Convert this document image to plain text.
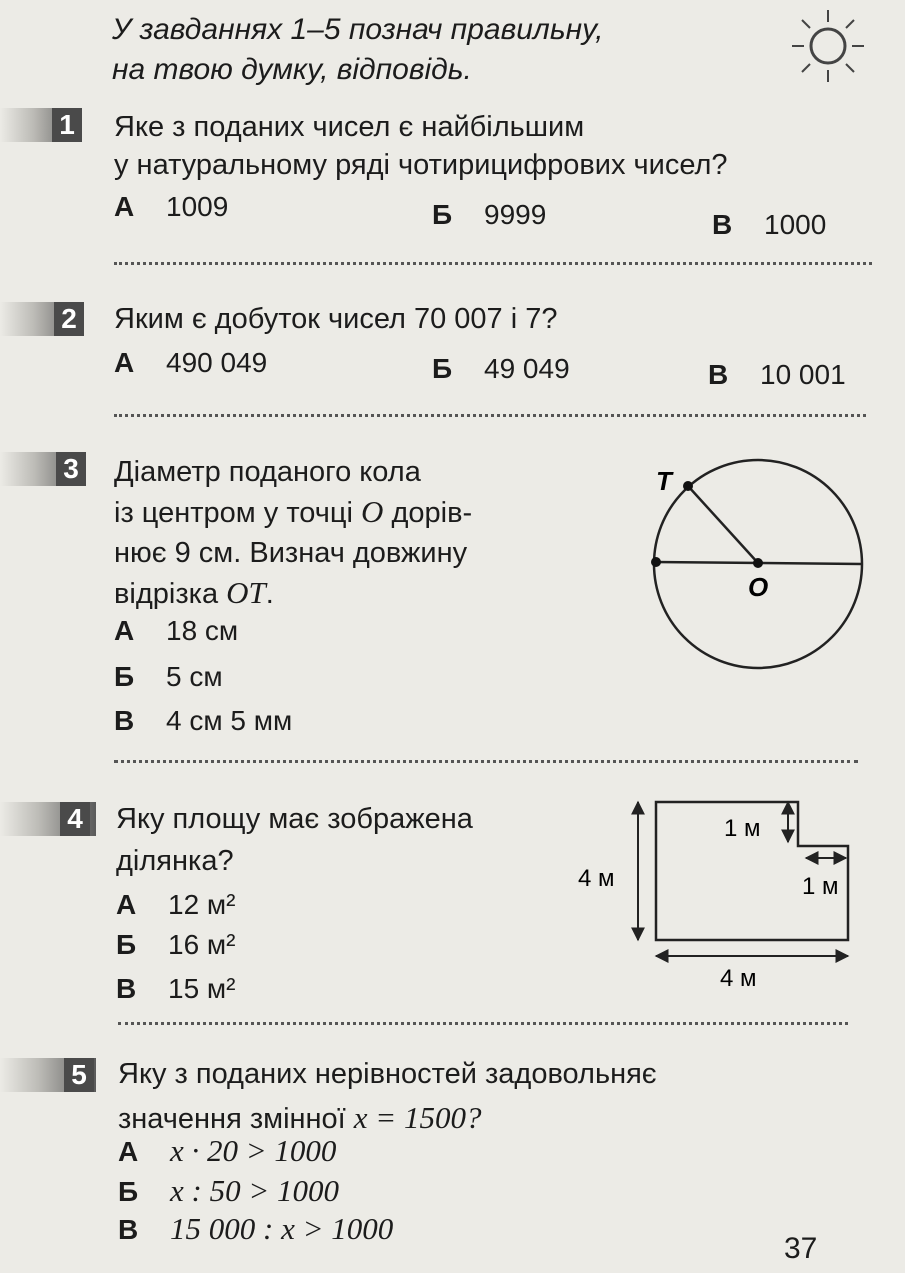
У завданнях 1–5 познач правильну,
на твою думку, відповідь.
1 Яке з поданих чисел є найбільшим
у натуральному ряді чотирицифрових чисел?
А 1009	Б 9999	В 1000
2 Яким є добуток чисел 70 007 і 7?
А 490 049	Б 49 049	В 10 001
3 Діаметр поданого кола
із центром у точці O дорів-
нює 9 см. Визнач довжину
відрізка OT.
А 18 см
Б 5 см
В 4 см 5 мм
T
O
4 Яку площу має зображена
ділянка?
А 12 м²
Б 16 м²
В 15 м²
1 м
4 м	1 м
4 м
5 Яку з поданих нерівностей задовольняє
значення змінної x = 1500?
А x · 20 > 1000
Б x : 50 > 1000
В 15 000 : x > 1000
37
